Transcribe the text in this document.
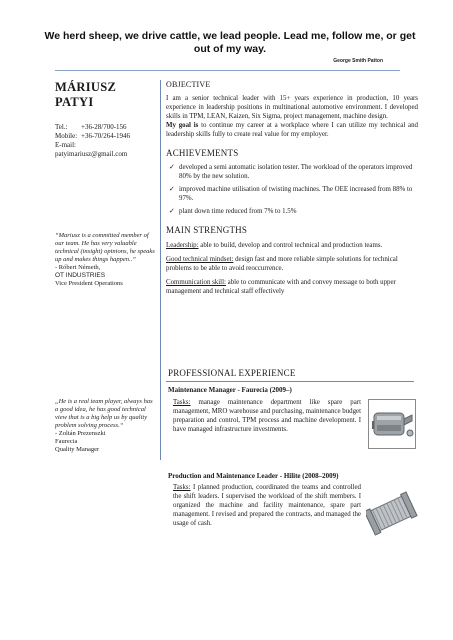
We herd sheep, we drive cattle, we lead people. Lead me, follow me, or get out of my way.
George Smith Patton
MÁRIUSZ
PATYI
Tel.:	+36-28/700-156
Mobile: +36-70/264-1946
E-mail:
patyimariusz@gmail.com
“Mariusz is a committed member of our team. He has very valuable technical (insight) opinions, he speaks up and makes things happen..”
- Róbert Németh,
OT INDUSTRIES
Vice President Operations
„He is a real team player, always has a good idea, he has good technical view that is a big help us by quality problem solving process.“
- Zoltán Prezenszki
Faurecia
Quality Manager
OBJECTIVE
I am a senior technical leader with 15+ years experience in production, 10 years experience in leadership positions in multinational automotive environment. I developed skills in TPM, LEAN, Kaizen, Six Sigma, project management, machine design.
My goal is to continue my career at a workplace where I can utilize my technical and leadership skills fully to create real value for my employer.
ACHIEVEMENTS
✓ developed a semi automatic isolation tester. The workload of the operators improved 80% by the new solution.
✓ improved machine utilisation of twisting machines. The OEE increased from 88% to 97%.
✓ plant down time reduced from 7% to 1.5%
MAIN STRENGTHS
Leadership: able to build, develop and control technical and production teams.
Good technical mindset: design fast and more reliable simple solutions for technical problems to be able to avoid reoccurrence.
Communication skill: able to communicate with and convey message to both upper management and technical staff effectively
PROFESSIONAL EXPERIENCE
Maintenance Manager - Faurecia (2009–)
Tasks: manage maintenance department like spare part management, MRO warehouse and purchasing, maintenance budget preparation and control, TPM process and machine development. I have managed infrastructure investments.
Production and Maintenance Leader - Hilite (2008–2009)
Tasks: I planned production, coordinated the teams and controlled the shift leaders. I supervised the workload of the shift members. I organized the machine and facility maintenance, spare part management. I revised and prepared the contracts, and managed the usage of cash.
